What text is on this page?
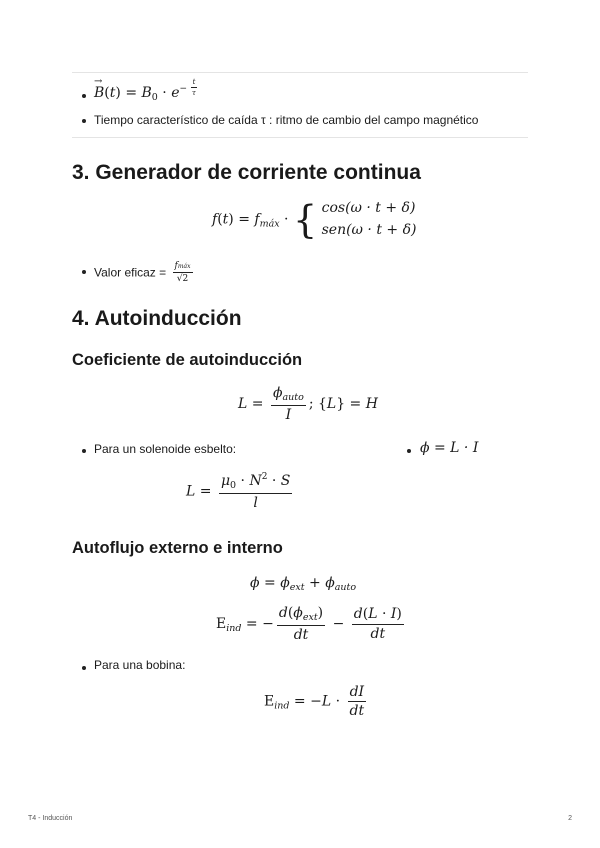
B
→
$(t) = B_0 \cdot e^{- \frac{t}{\tau}}$
Tiempo característico de caída τ : ritmo de cambio del campo magnético
3. Generador de corriente continua
$f(t) = f_{máx}$ · { cos(ω · t + δ)
sen(ω · t + δ)
Valor eficaz = $\frac{\text{fmáx}}{√2}$
4. Autoinducción
Coeficiente de autoinducción
$L = \frac{\phi_{auto}}{I}$ ; {L} = H
Para un solenoide esbelto:	ϕ = L · I
$L = \frac{\mu_0 \cdot N^2 \cdot S}{l}$
Autoflujo externo e interno
$\phi = \phi_{ext} + \phi_{auto}$
$E_{ind}$ = − $\frac{d(\phi_{ext})}{dt} - \frac{d(L \cdot I)}{dt}$
Para una bobina:
$E_{ind} = -L \cdot \frac{dI}{dt}$
T4 - Inducción	2
